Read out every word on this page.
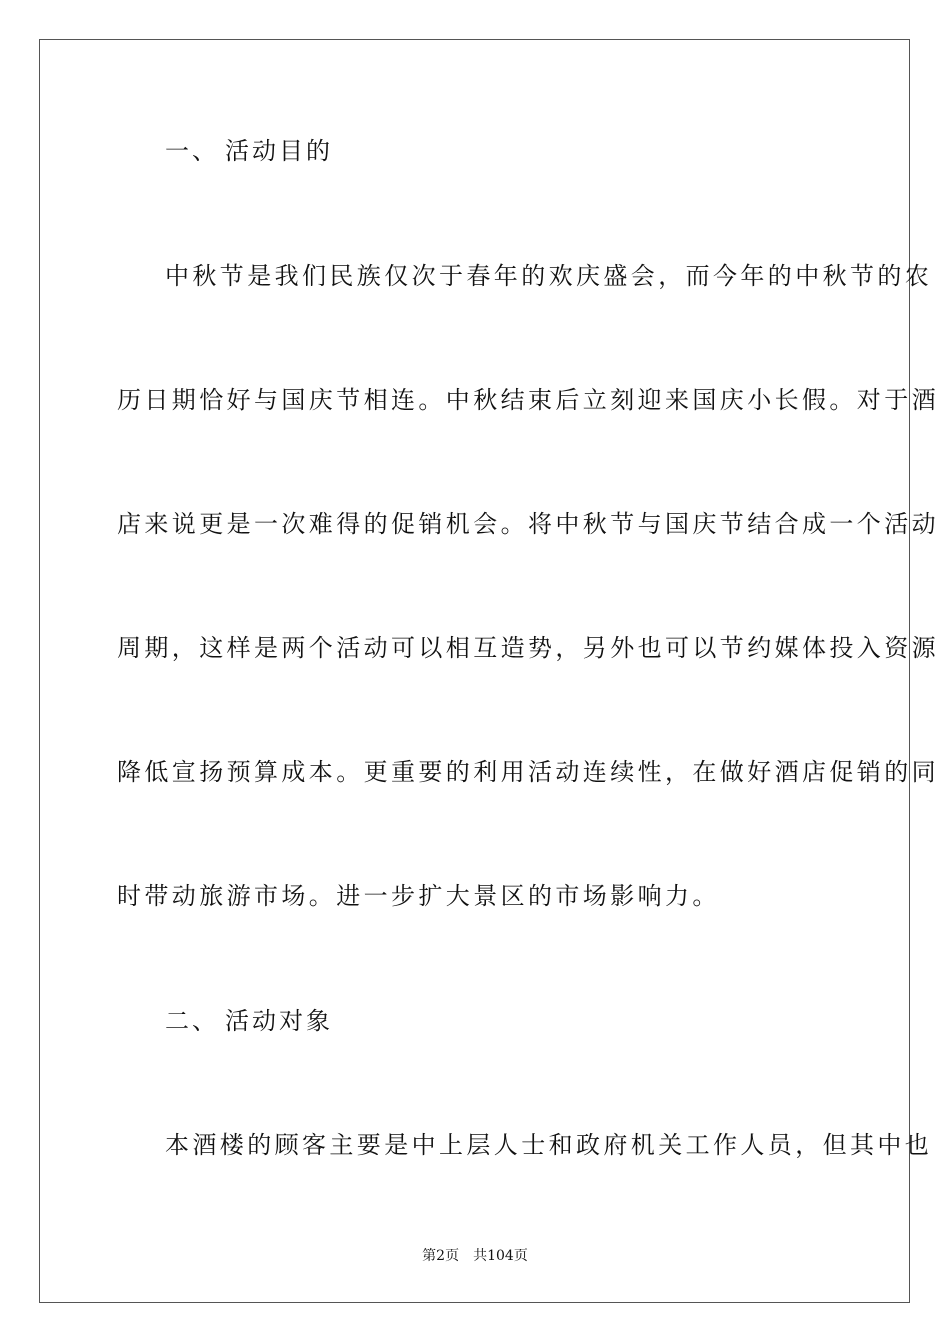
一、 活动目的
中秋节是我们民族仅次于春年的欢庆盛会，而今年的中秋节的农
历日期恰好与国庆节相连。中秋结束后立刻迎来国庆小长假。对于酒
店来说更是一次难得的促销机会。将中秋节与国庆节结合成一个活动
周期，这样是两个活动可以相互造势，另外也可以节约媒体投入资源
降低宣扬预算成本。更重要的利用活动连续性，在做好酒店促销的同
时带动旅游市场。进一步扩大景区的市场影响力。
二、 活动对象
本酒楼的顾客主要是中上层人士和政府机关工作人员，但其中也
第2页 共104页
